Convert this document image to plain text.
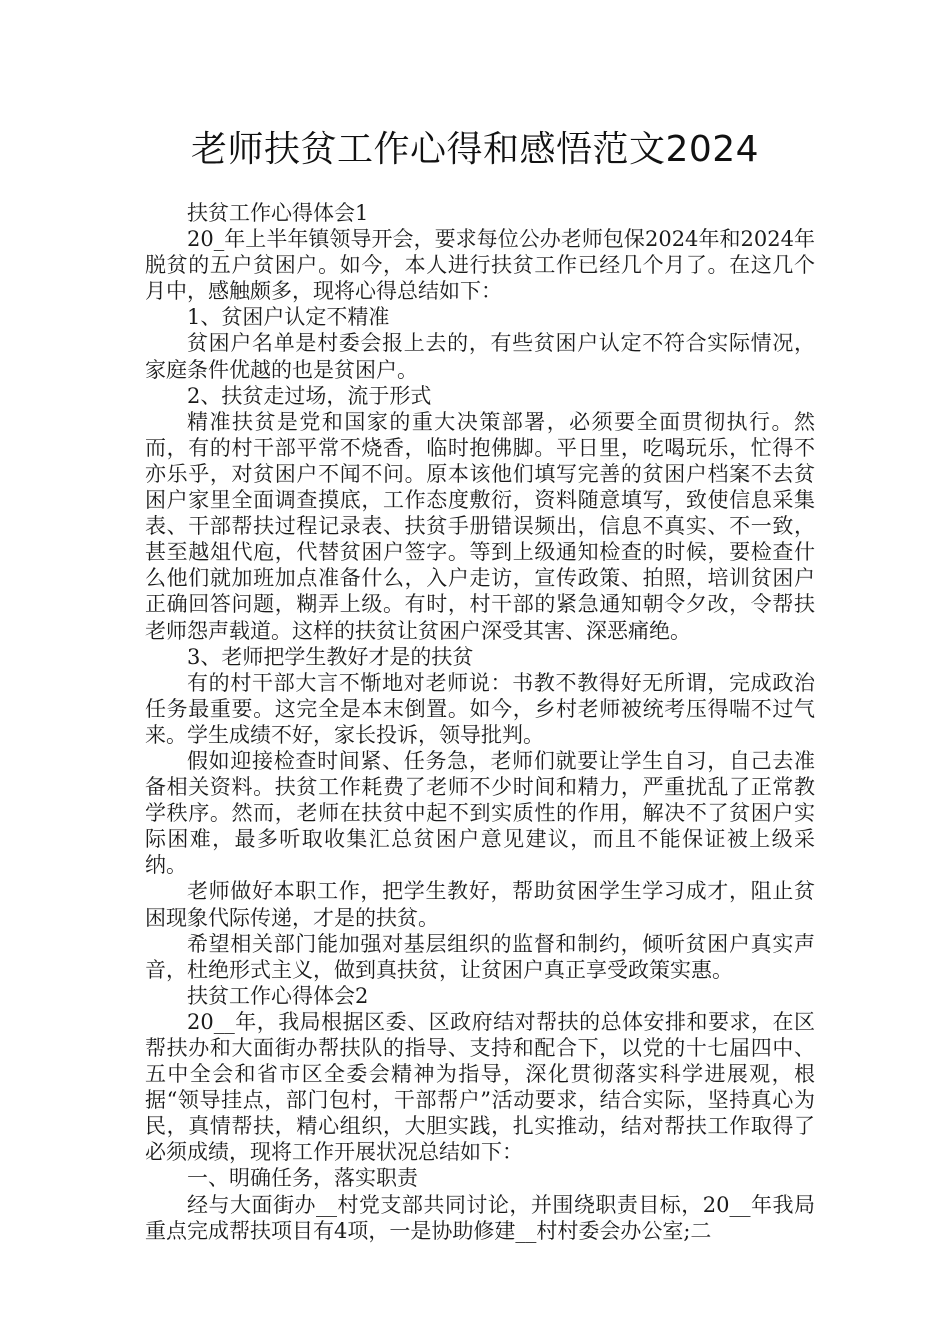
老师扶贫工作心得和感悟范文2024

扶贫工作心得体会1

20_年上半年镇领导开会，要求每位公办老师包保2024年和2024年脱贫的五户贫困户。如今，本人进行扶贫工作已经几个月了。在这几个月中，感触颇多，现将心得总结如下：

1、贫困户认定不精准

贫困户名单是村委会报上去的，有些贫困户认定不符合实际情况，家庭条件优越的也是贫困户。

2、扶贫走过场，流于形式

精准扶贫是党和国家的重大决策部署，必须要全面贯彻执行。然而，有的村干部平常不烧香，临时抱佛脚。平日里，吃喝玩乐，忙得不亦乐乎，对贫困户不闻不问。原本该他们填写完善的贫困户档案不去贫困户家里全面调查摸底，工作态度敷衍，资料随意填写，致使信息采集表、干部帮扶过程记录表、扶贫手册错误频出，信息不真实、不一致，甚至越俎代庖，代替贫困户签字。等到上级通知检查的时候，要检查什么他们就加班加点准备什么，入户走访，宣传政策、拍照，培训贫困户正确回答问题，糊弄上级。有时，村干部的紧急通知朝令夕改，令帮扶老师怨声载道。这样的扶贫让贫困户深受其害、深恶痛绝。

3、老师把学生教好才是的扶贫

有的村干部大言不惭地对老师说：书教不教得好无所谓，完成政治任务最重要。这完全是本末倒置。如今，乡村老师被统考压得喘不过气来。学生成绩不好，家长投诉，领导批判。

假如迎接检查时间紧、任务急，老师们就要让学生自习，自己去准备相关资料。扶贫工作耗费了老师不少时间和精力，严重扰乱了正常教学秩序。然而，老师在扶贫中起不到实质性的作用，解决不了贫困户实际困难，最多听取收集汇总贫困户意见建议，而且不能保证被上级采纳。

老师做好本职工作，把学生教好，帮助贫困学生学习成才，阻止贫困现象代际传递，才是的扶贫。

希望相关部门能加强对基层组织的监督和制约，倾听贫困户真实声音，杜绝形式主义，做到真扶贫，让贫困户真正享受政策实惠。

扶贫工作心得体会2

20__年，我局根据区委、区政府结对帮扶的总体安排和要求，在区帮扶办和大面街办帮扶队的指导、支持和配合下，以党的十七届四中、五中全会和省市区全委会精神为指导，深化贯彻落实科学进展观，根据“领导挂点，部门包村，干部帮户”活动要求，结合实际，坚持真心为民，真情帮扶，精心组织，大胆实践，扎实推动，结对帮扶工作取得了必须成绩，现将工作开展状况总结如下：

一、明确任务，落实职责

经与大面街办__村党支部共同讨论，并围绕职责目标，20__年我局重点完成帮扶项目有4项，一是协助修建__村村委会办公室;二
